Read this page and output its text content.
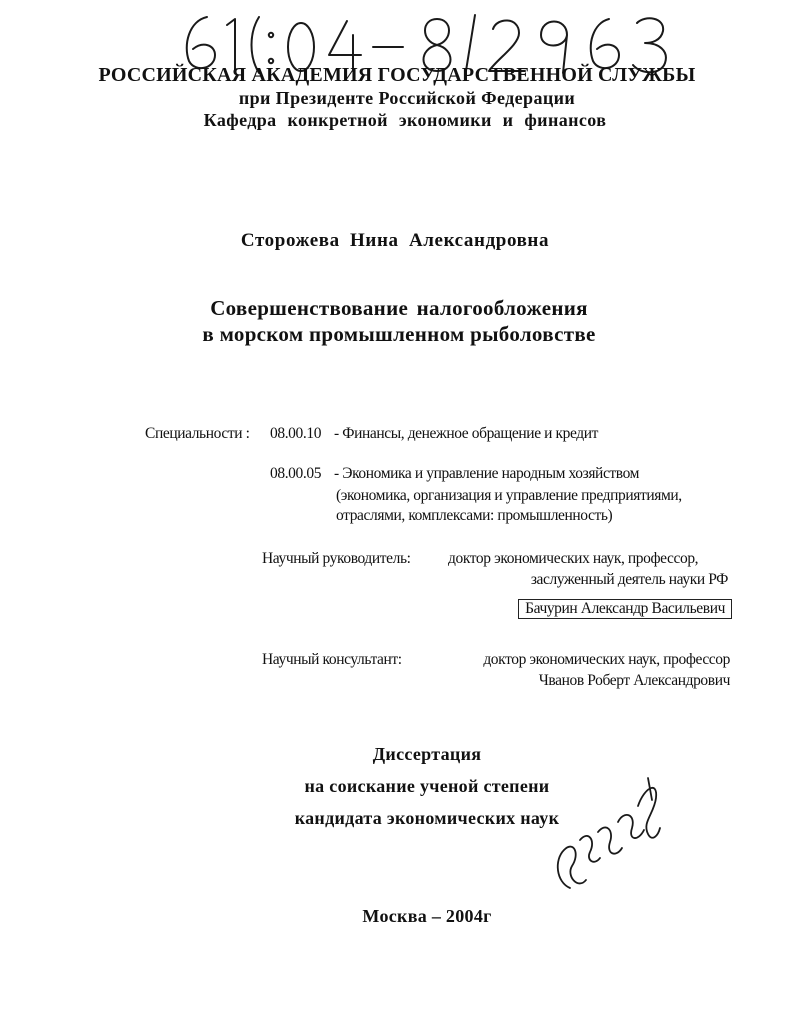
РОССИЙСКАЯ АКАДЕМИЯ ГОСУДАРСТВЕННОЙ СЛУЖБЫ
при Президенте Российской Федерации
Кафедра конкретной экономики и финансов
Сторожева Нина Александровна
Совершенствование налогообложения
в морском промышленном рыболовстве
Специальности : 08.00.10 - Финансы, денежное обращение и кредит
08.00.05 - Экономика и управление народным хозяйством
(экономика, организация и управление предприятиями,
отраслями, комплексами: промышленность)
Научный руководитель: доктор экономических наук, профессор,
заслуженный деятель науки РФ
Бачурин Александр Васильевич
Научный консультант:	доктор экономических наук, профессор
Чванов Роберт Александрович
Диссертация
на соискание ученой степени
кандидата экономических наук
Москва – 2004г
